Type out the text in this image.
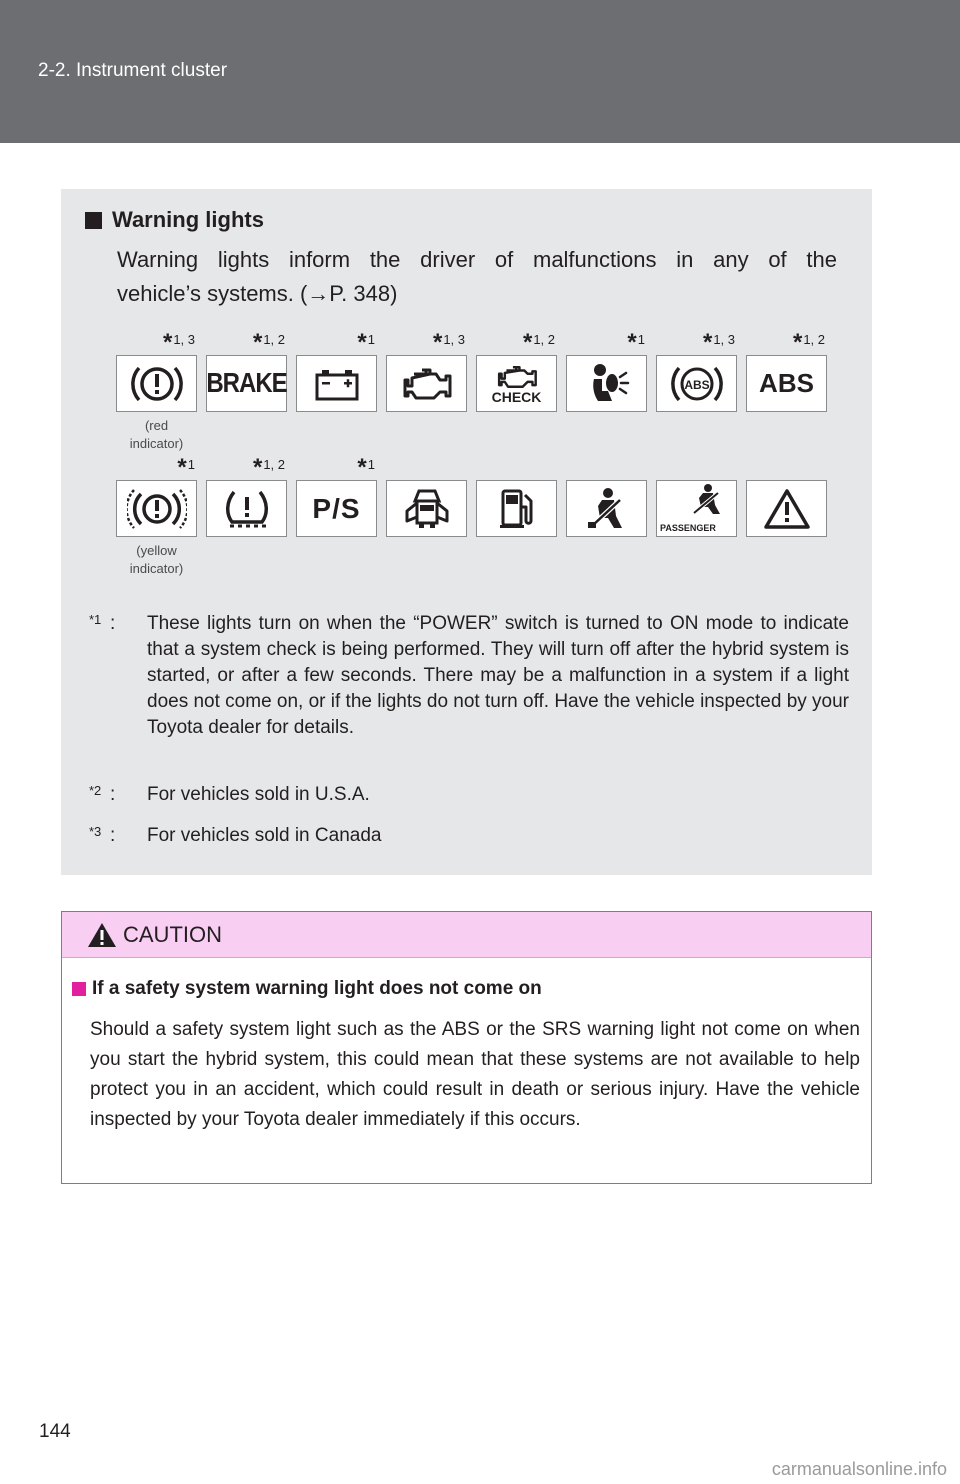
2-2. Instrument cluster
Warning lights
Warning lights inform the driver of malfunctions in any of the
vehicle’s systems. (→P. 348)
*1, 3
(red
indicator)
*1, 2
BRAKE
*1 *1, 3 *1, 2
CHECK
*1 *1, 3
ABS
*1, 2
ABS
*1
(yellow
indicator)
*1, 2	*1
P/S
PASSENGER
*1 : These lights turn on when the “POWER” switch is turned to ON mode to indicate that a system check is being performed. They will turn off after the hybrid system is started, or after a few seconds. There may be a malfunction in a system if a light does not come on, or if the lights do not turn off. Have the vehicle inspected by your Toyota dealer for details.
*2 : For vehicles sold in U.S.A.
*3 : For vehicles sold in Canada
CAUTION
If a safety system warning light does not come on
Should a safety system light such as the ABS or the SRS warning light not come on when you start the hybrid system, this could mean that these systems are not available to help protect you in an accident, which could result in death or serious injury. Have the vehicle inspected by your Toyota dealer immediately if this occurs.
144
carmanualsonline.info
